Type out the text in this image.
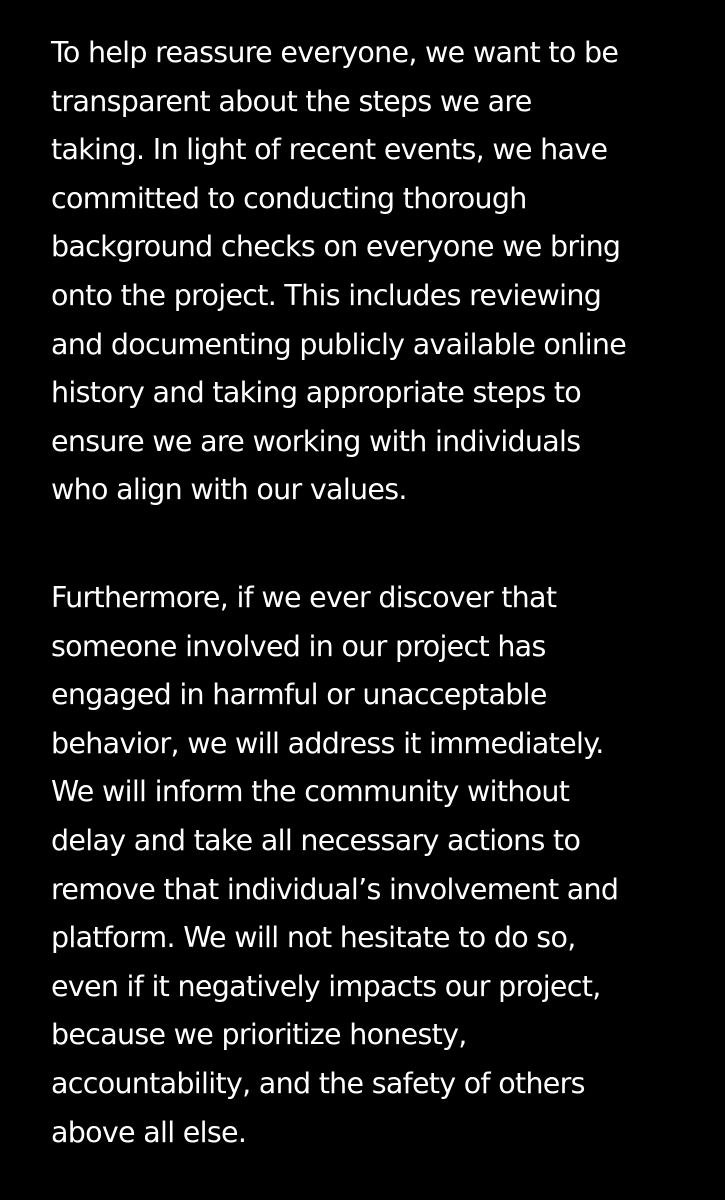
To help reassure everyone, we want to be
transparent about the steps we are
taking. In light of recent events, we have
committed to conducting thorough
background checks on everyone we bring
onto the project. This includes reviewing
and documenting publicly available online
history and taking appropriate steps to
ensure we are working with individuals
who align with our values.

Furthermore, if we ever discover that
someone involved in our project has
engaged in harmful or unacceptable
behavior, we will address it immediately.
We will inform the community without
delay and take all necessary actions to
remove that individual’s involvement and
platform. We will not hesitate to do so,
even if it negatively impacts our project,
because we prioritize honesty,
accountability, and the safety of others
above all else.
